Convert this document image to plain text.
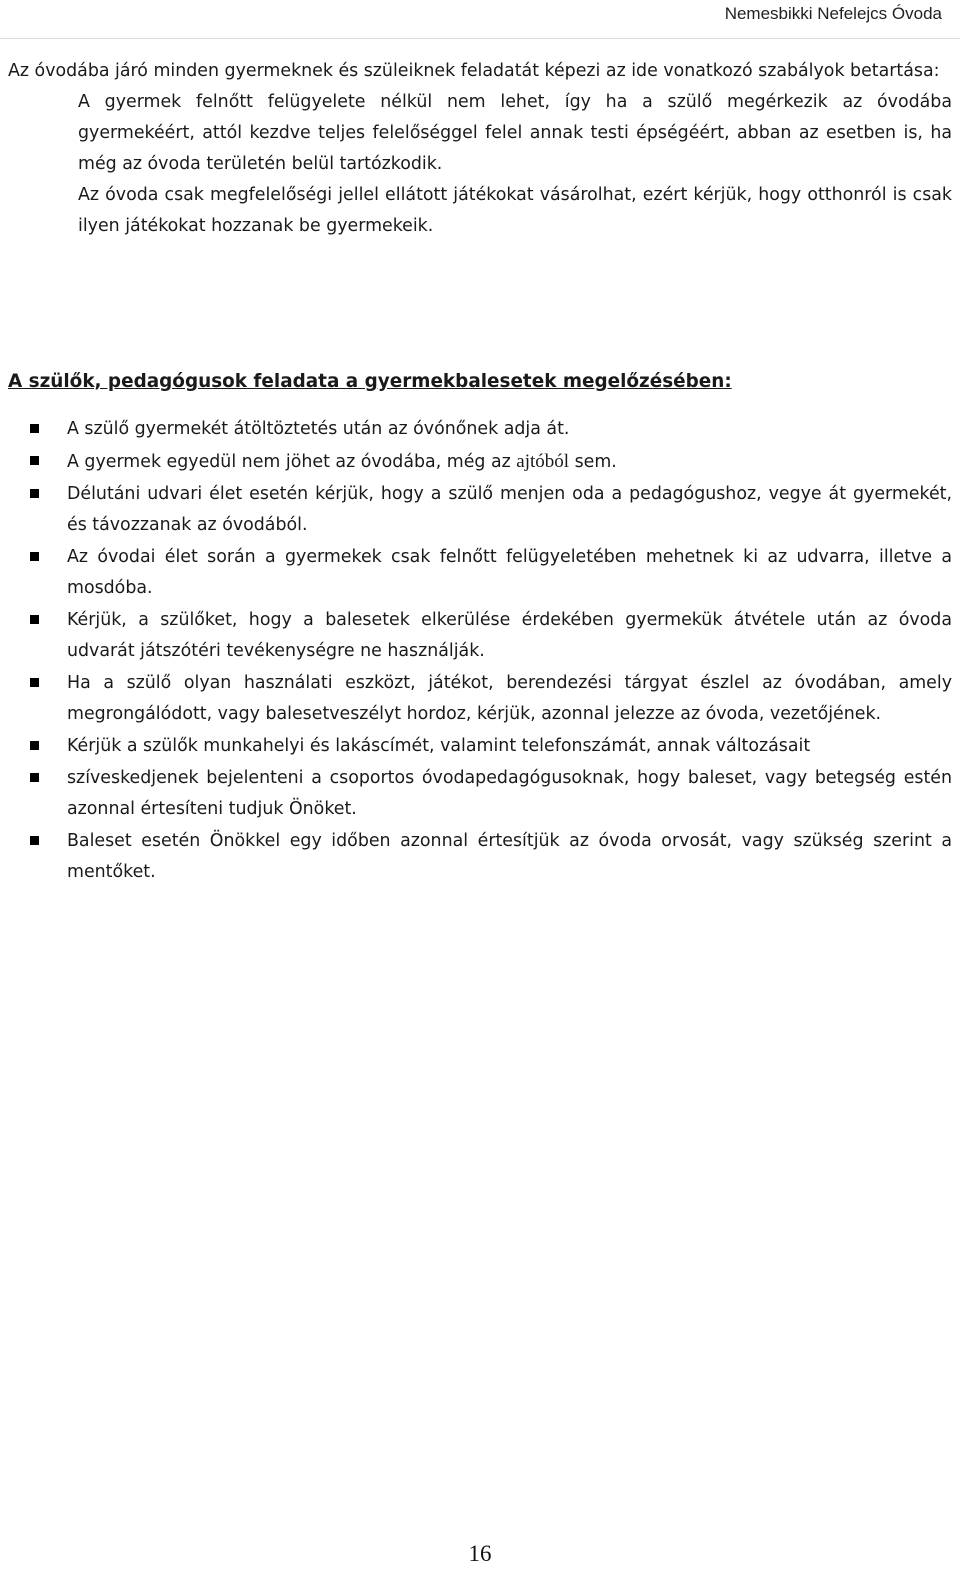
Nemesbikki Nefelejcs Óvoda

Az óvodába járó minden gyermeknek és szüleiknek feladatát képezi az ide vonatkozó szabályok betartása:

A gyermek felnőtt felügyelete nélkül nem lehet, így ha a szülő megérkezik az óvodába gyermekéért, attól kezdve teljes felelőséggel felel annak testi épségéért, abban az esetben is, ha még az óvoda területén belül tartózkodik.

Az óvoda csak megfelelőségi jellel ellátott játékokat vásárolhat, ezért kérjük, hogy otthonról is csak ilyen játékokat hozzanak be gyermekeik.

A szülők, pedagógusok feladata a gyermekbalesetek megelőzésében:
A szülő gyermekét átöltöztetés után az óvónőnek adja át.
A gyermek egyedül nem jöhet az óvodába, még az ajtóból sem.
Délutáni udvari élet esetén kérjük, hogy a szülő menjen oda a pedagógushoz, vegye át gyermekét, és távozzanak az óvodából.
Az óvodai élet során a gyermekek csak felnőtt felügyeletében mehetnek ki az udvarra, illetve a mosdóba.
Kérjük, a szülőket, hogy a balesetek elkerülése érdekében gyermekük átvétele után az óvoda udvarát játszótéri tevékenységre ne használják.
Ha a szülő olyan használati eszközt, játékot, berendezési tárgyat észlel az óvodában, amely megrongálódott, vagy balesetveszélyt hordoz, kérjük, azonnal jelezze az óvoda, vezetőjének.
Kérjük a szülők munkahelyi és lakáscímét, valamint telefonszámát, annak változásait
szíveskedjenek bejelenteni a csoportos óvodapedagógusoknak, hogy baleset, vagy betegség estén azonnal értesíteni tudjuk Önöket.
Baleset esetén Önökkel egy időben azonnal értesítjük az óvoda orvosát, vagy szükség szerint a mentőket.
16
